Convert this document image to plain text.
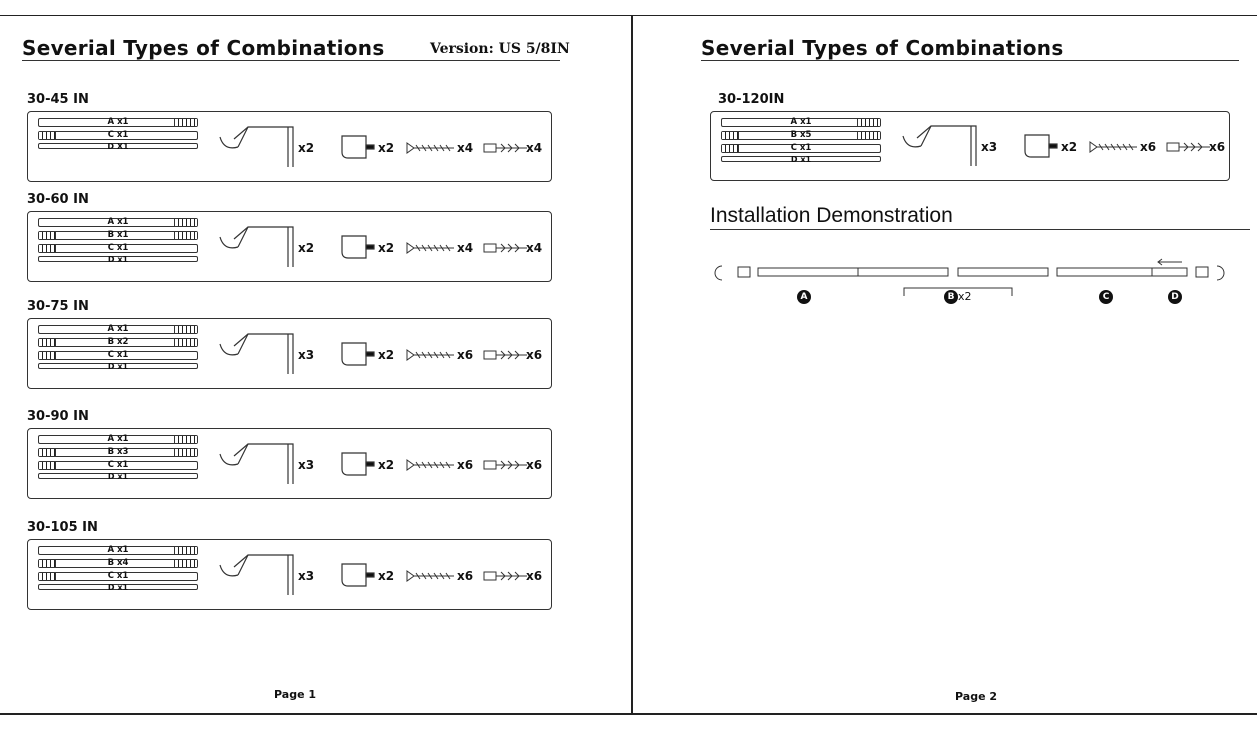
Severial Types of Combinations	Version: US 5/8IN
30-45 IN
A x1
C x1
D X1	x2	x2	x4	x4
30-60 IN
A x1
B x1
C x1
D x1
x2	x2	x4	x4
30-75 IN
A x1
B x2
C x1
D x1
x3	x2	x6	x6
30-90 IN
A x1
B x3
C x1
D x1
x3	x2	x6	x6
30-105 IN
A x1
B x4
C x1
D x1
x3	x2	x6	x6
Page 1
Severial Types of Combinations
30-120IN
A x1
B x5
C x1
D x1
x3	x2	x6	x6
Installation Demonstration
A	B x2	C	D
Page 2
